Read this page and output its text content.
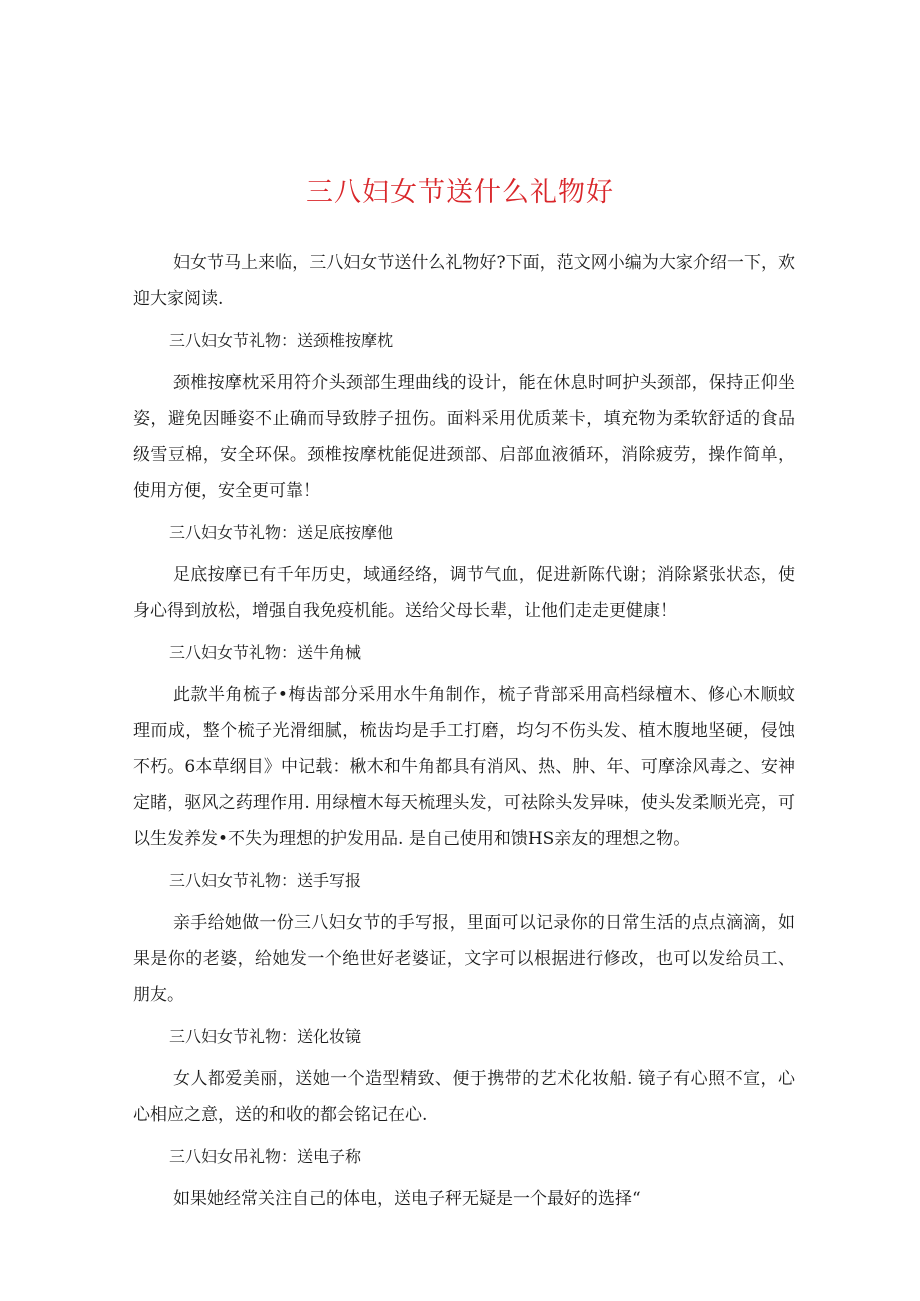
三八妇女节送什么礼物好

妇女节马上来临，三八妇女节送什么礼物好?下面，范文网小编为大家介绍一下，欢迎大家阅读.

三八妇女节礼物：送颈椎按摩枕

颈椎按摩枕采用符介头颈部生理曲线的设计，能在休息时呵护头颈部，保持正仰坐姿，避免因睡姿不止确而导致脖子扭伤。面料采用优质莱卡，填充物为柔软舒适的食品级雪豆棉，安全环保。颈椎按摩枕能促进颈部、启部血液循环，消除疲劳，操作简单，使用方便，安全更可靠！

三八妇女节礼物：送足底按摩他

足底按摩已有千年历史，域通经络，调节气血，促进新陈代谢；消除紧张状态，使身心得到放松，增强自我免疫机能。送给父母长辈，让他们走走更健康！

三八妇女节礼物：送牛角械

此款半角梳子•梅齿部分采用水牛角制作，梳子背部采用高档绿檀木、修心木顺蚊理而成，整个梳子光滑细腻，梳齿均是手工打磨，均匀不伤头发、植木腹地坚硬，侵蚀不朽。6本草纲目》中记载：楸木和牛角都具有消风、热、肿、年、可摩涂风毒之、安神定睹，驱风之药理作用. 用绿檀木每天梳理头发，可祛除头发异味，使头发柔顺光亮，可以生发养发•不失为理想的护发用品. 是自己使用和馈HS亲友的理想之物。

三八妇女节礼物：送手写报

亲手给她做一份三八妇女节的手写报，里面可以记录你的日常生活的点点滴滴，如果是你的老婆，给她发一个绝世好老婆证，文字可以根据进行修改，也可以发给员工、朋友。

三八妇女节礼物：送化妆镜

女人都爱美丽，送她一个造型精致、便于携带的艺术化妆船. 镜子有心照不宣，心心相应之意，送的和收的都会铭记在心.

三八妇女吊礼物：送电子称

如果她经常关注自己的体电，送电子秤无疑是一个最好的选择“
